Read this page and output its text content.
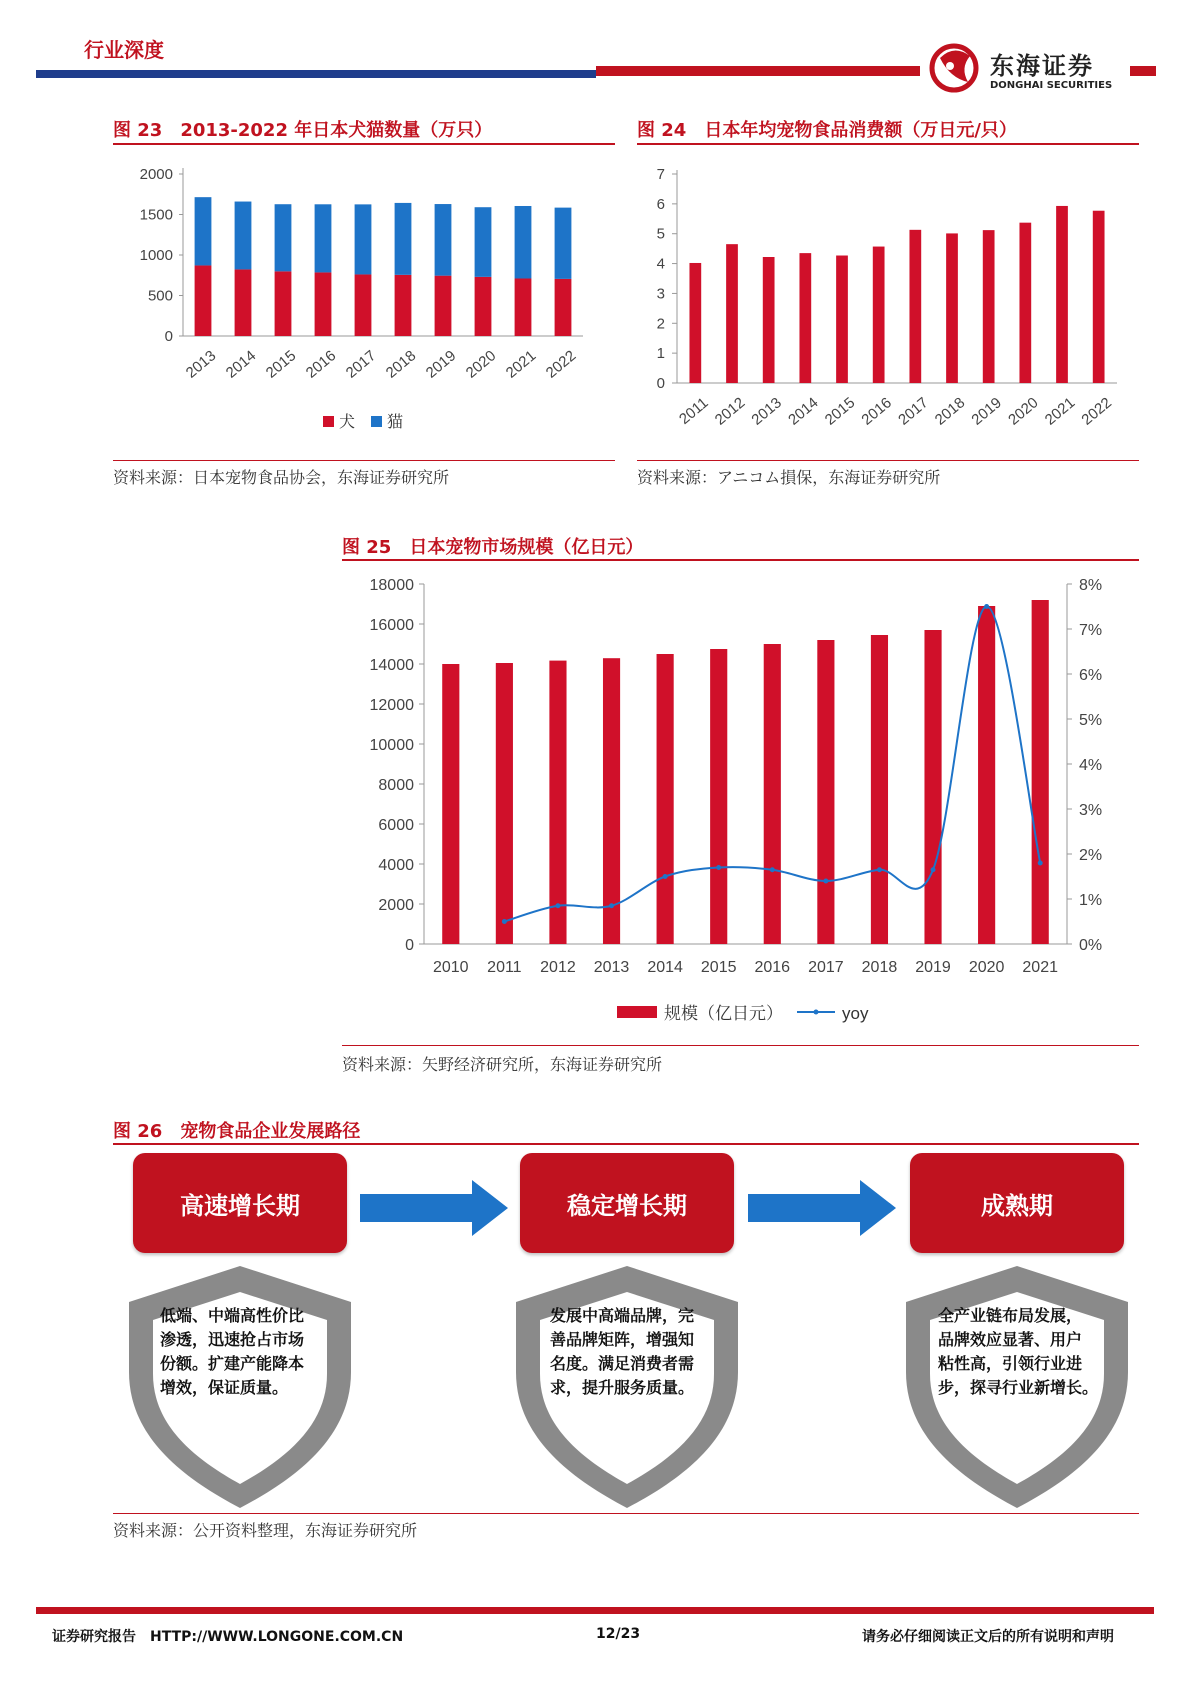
行业深度
东海证券
DONGHAI SECURITIES
图 23　2013-2022 年日本犬猫数量（万只）
0
500
1000
1500
2000
2013 2014 2015 2016 2017 2018 2019 2020 2021 2022
犬 猫
资料来源：日本宠物食品协会，东海证券研究所
图 24　日本年均宠物食品消费额（万日元/只）
0
1
2
3
4
5
6
7
2011 2012 2013 2014 2015 2016 2017 2018 2019 2020 2021 2022
资料来源：アニコム損保，东海证券研究所
图 25　日本宠物市场规模（亿日元）
0
2000
4000
6000
8000
10000
12000
14000
16000
18000
0%
1%
2%
3%
4%
5%
6%
7%
8%
2010 2011 2012 2013 2014 2015 2016 2017 2018 2019 2020 2021
规模（亿日元）	yoy
资料来源：矢野经济研究所，东海证券研究所
图 26　宠物食品企业发展路径
高速增长期	稳定增长期	成熟期
低端、中端高性价比
渗透，迅速抢占市场
份额。扩建产能降本
增效，保证质量。
发展中高端品牌，完
善品牌矩阵，增强知
名度。满足消费者需
求，提升服务质量。
全产业链布局发展，
品牌效应显著、用户
粘性高，引领行业进
步，探寻行业新增长。
资料来源：公开资料整理，东海证券研究所
证券研究报告　HTTP://WWW.LONGONE.COM.CN	12/23	请务必仔细阅读正文后的所有说明和声明
